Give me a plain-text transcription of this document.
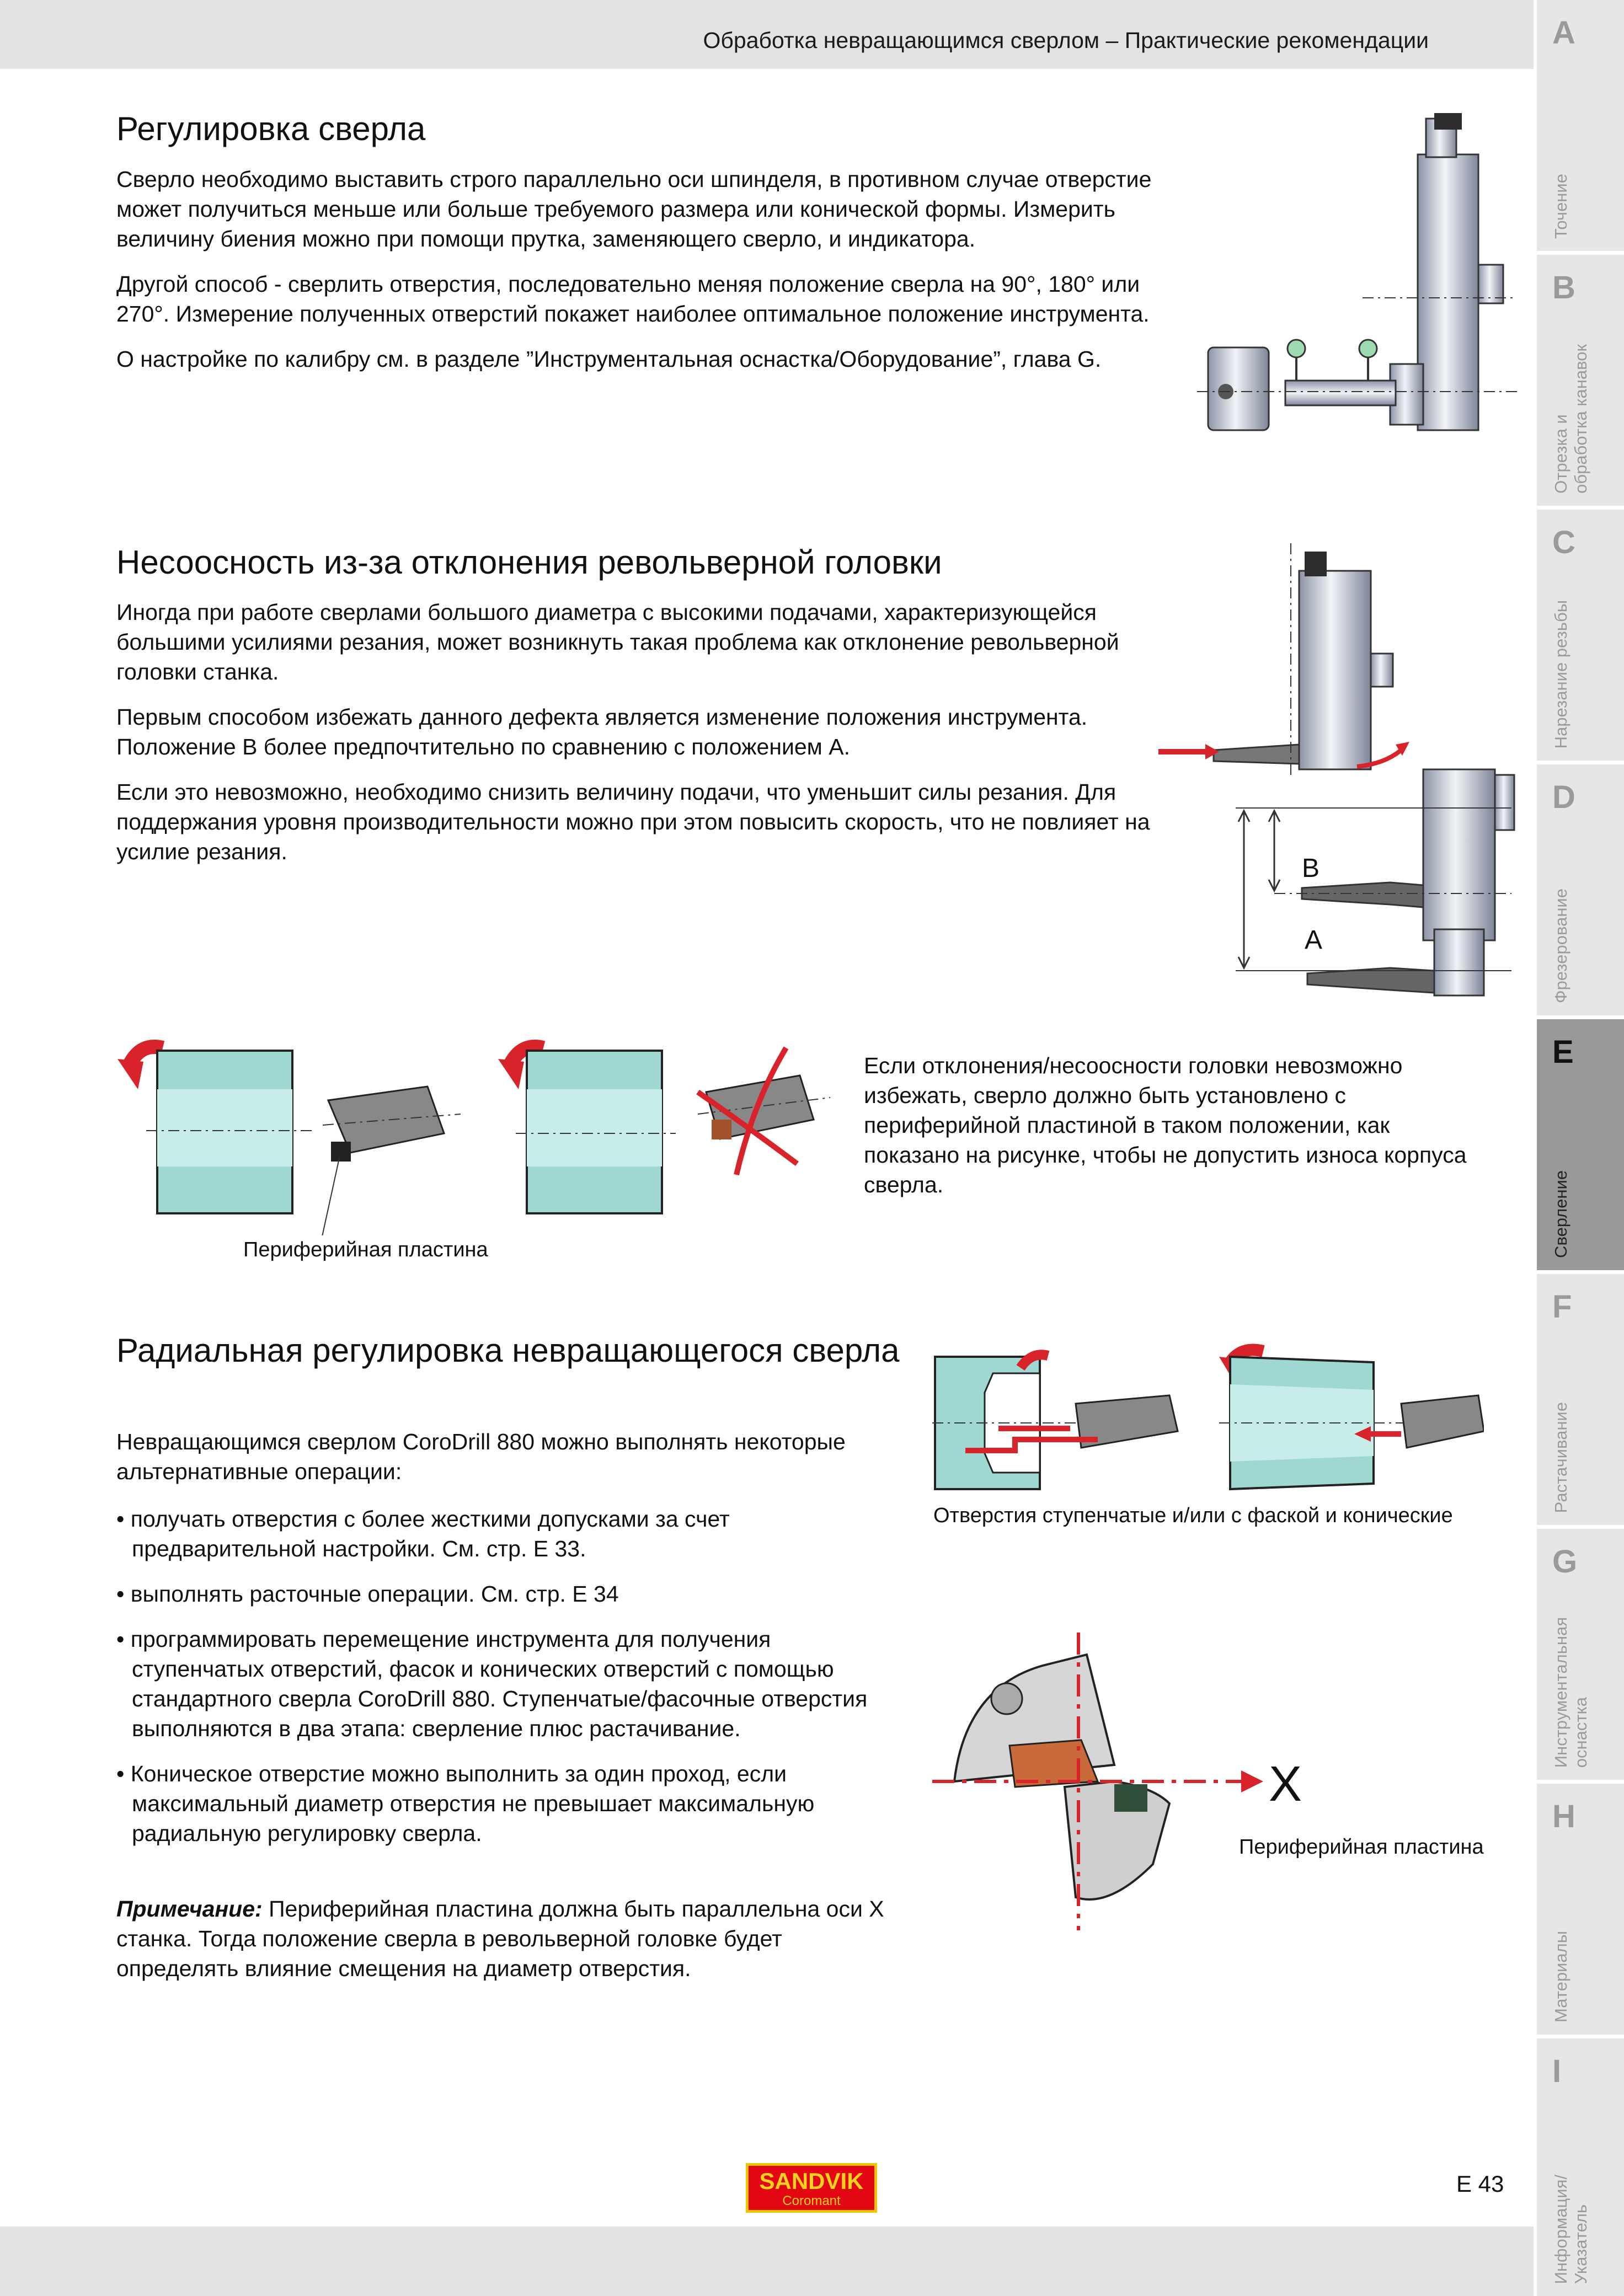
Обработка невращающимся сверлом – Практические рекомендации	A
Точение
B
Отрезка и
обработка канавок
C
Нарезание резьбы
D
Фрезерование
E
Сверление
F
Растачивание
G
Инструментальная
оснастка
H
Материалы
I
Информация/
Указатель
Регулировка сверла

Сверло необходимо выставить строго параллельно оси шпинделя, в противном случае отверстие может получиться меньше или больше требуемого размера или конической формы. Измерить величину биения можно при помощи прутка, заменяющего сверло, и индикатора.

Другой способ - сверлить отверстия, последовательно меняя положение сверла на 90°, 180° или 270°. Измерение полученных отверстий покажет наиболее оптимальное положение инструмента.

О настройке по калибру см. в разделе ”Инструментальная оснастка/Оборудование”, глава G.

Несоосность из-за отклонения револьверной головки

Иногда при работе сверлами большого диаметра с высокими подачами, характеризующейся большими усилиями резания, может возникнуть такая проблема как отклонение револьверной головки станка.

Первым способом избежать данного дефекта является изменение положения инструмента. Положение B более предпочтительно по сравнению с положением A.

Если это невозможно, необходимо снизить величину подачи, что уменьшит силы резания. Для поддержания уровня производительности можно при этом повысить скорость, что не повлияет на усилие резания.

B
A
Периферийная пластина
Если отклонения/несоосности головки невозможно избежать, сверло должно быть установлено с периферийной пластиной в таком положении, как показано на рисунке, чтобы не допустить износа корпуса сверла.
Радиальная регулировка невращающегося сверла
Невращающимся сверлом CoroDrill 880 можно выполнять некоторые альтернативные операции:
• получать отверстия с более жесткими допусками за счет предварительной настройки. См. стр. E 33.
• выполнять расточные операции. См. стр. E 34
• программировать перемещение инструмента для получения ступенчатых отверстий, фасок и конических отверстий с помощью стандартного сверла CoroDrill 880. Ступенчатые/фасочные отверстия выполняются в два этапа: сверление плюс растачивание.
• Коническое отверстие можно выполнить за один проход, если максимальный диаметр отверстия не превышает максимальную радиальную регулировку сверла.
Примечание: Периферийная пластина должна быть параллельна оси X станка. Тогда положение сверла в револьверной головке будет определять влияние смещения на диаметр отверстия.
Отверстия ступенчатые и/или с фаской и конические
X
Периферийная пластина
SANDVIK
Coromant
E 43
